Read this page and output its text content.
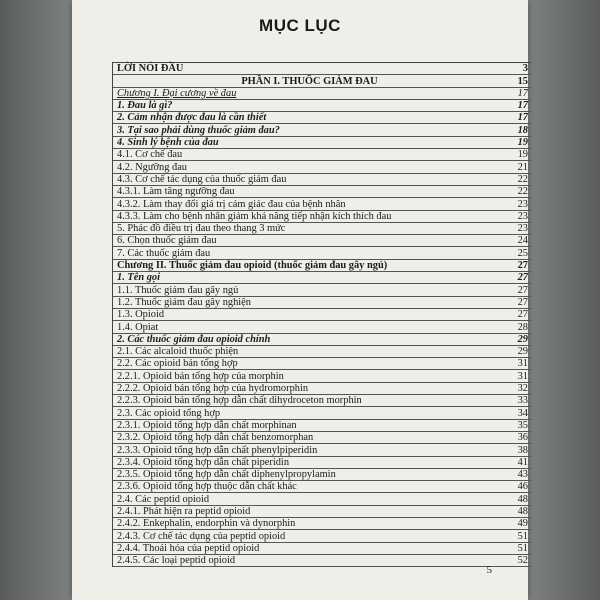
MỤC LỤC
LỜI NÓI ĐẦU	3
PHẦN I. THUỐC GIẢM ĐAU	15
Chương I. Đại cương về đau	17
1. Đau là gì?	17
2. Cảm nhận được đau là cần thiết	17
3. Tại sao phải dùng thuốc giảm đau?	18
4. Sinh lý bệnh của đau	19
4.1. Cơ chế đau	19
4.2. Ngưỡng đau	21
4.3. Cơ chế tác dụng của thuốc giảm đau	22
4.3.1. Làm tăng ngưỡng đau	22
4.3.2. Làm thay đổi giá trị cảm giác đau của bệnh nhân	23
4.3.3. Làm cho bệnh nhân giảm khả năng tiếp nhận kích thích đau	23
5. Phác đồ điều trị đau theo thang 3 mức	23
6. Chọn thuốc giảm đau	24
7. Các thuốc giảm đau	25
Chương II. Thuốc giảm đau opioid (thuốc giảm đau gây ngủ)	27
1. Tên gọi	27
1.1. Thuốc giảm đau gây ngủ	27
1.2. Thuốc giảm đau gây nghiện	27
1.3. Opioid	27
1.4. Opiat	28
2. Các thuốc giảm đau opioid chính	29
2.1. Các alcaloid thuốc phiện	29
2.2. Các opioid bán tổng hợp	31
2.2.1. Opioid bán tổng hợp của morphin	31
2.2.2. Opioid bán tổng hợp của hydromorphin	32
2.2.3. Opioid bán tổng hợp dẫn chất dihydroceton morphin	33
2.3. Các opioid tổng hợp	34
2.3.1. Opioid tổng hợp dẫn chất morphinan	35
2.3.2. Opioid tổng hợp dẫn chất benzomorphan	36
2.3.3. Opioid tổng hợp dẫn chất phenylpiperidin	38
2.3.4. Opioid tổng hợp dẫn chất piperidin	41
2.3.5. Opioid tổng hợp dẫn chất diphenylpropylamin	43
2.3.6. Opioid tổng hợp thuộc dẫn chất khác	46
2.4. Các peptid opioid	48
2.4.1. Phát hiện ra peptid opioid	48
2.4.2. Enkephalin, endorphin và dynorphin	49
2.4.3. Cơ chế tác dụng của peptid opioid	51
2.4.4. Thoái hóa của peptid opioid	51
2.4.5. Các loại peptid opioid	52
5
